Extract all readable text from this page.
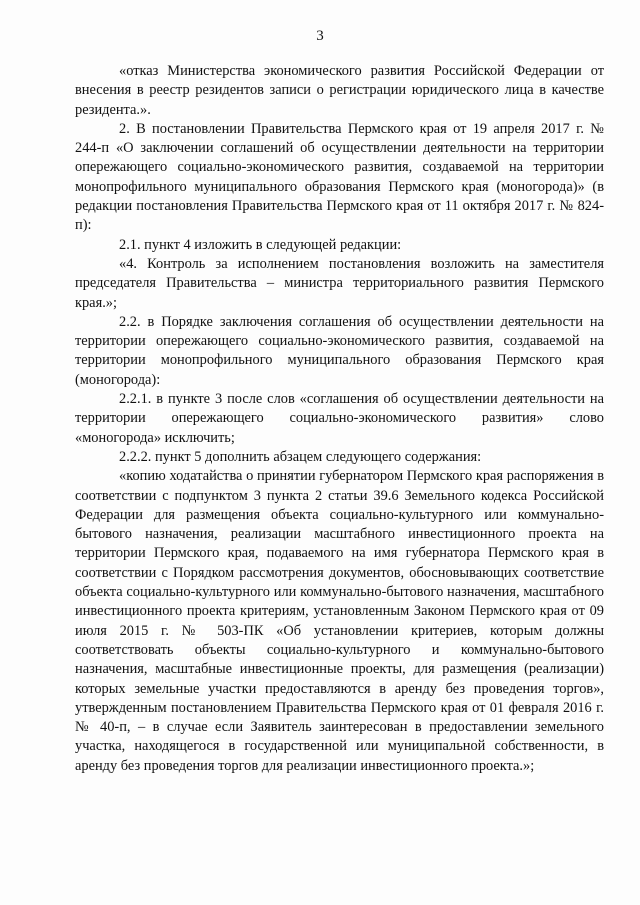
3

«отказ Министерства экономического развития Российской Федерации от внесения в реестр резидентов записи о регистрации юридического лица в качестве резидента.».

2. В постановлении Правительства Пермского края от 19 апреля 2017 г. № 244-п «О заключении соглашений об осуществлении деятельности на территории опережающего социально-экономического развития, создаваемой на территории монопрофильного муниципального образования Пермского края (моногорода)» (в редакции постановления Правительства Пермского края от 11 октября 2017 г. № 824-п):

2.1. пункт 4 изложить в следующей редакции:

«4. Контроль за исполнением постановления возложить на заместителя председателя Правительства – министра территориального развития Пермского края.»;

2.2. в Порядке заключения соглашения об осуществлении деятельности на территории опережающего социально-экономического развития, создаваемой на территории монопрофильного муниципального образования Пермского края (моногорода):

2.2.1. в пункте 3 после слов «соглашения об осуществлении деятельности на территории опережающего социально-экономического развития» слово «моногорода» исключить;

2.2.2. пункт 5 дополнить абзацем следующего содержания:

«копию ходатайства о принятии губернатором Пермского края распоряжения в соответствии с подпунктом 3 пункта 2 статьи 39.6 Земельного кодекса Российской Федерации для размещения объекта социально-культурного или коммунально-бытового назначения, реализации масштабного инвестиционного проекта на территории Пермского края, подаваемого на имя губернатора Пермского края в соответствии с Порядком рассмотрения документов, обосновывающих соответствие объекта социально-культурного или коммунально-бытового назначения, масштабного инвестиционного проекта критериям, установленным Законом Пермского края от 09 июля 2015 г. № 503-ПК «Об установлении критериев, которым должны соответствовать объекты социально-культурного и коммунально-бытового назначения, масштабные инвестиционные проекты, для размещения (реализации) которых земельные участки предоставляются в аренду без проведения торгов», утвержденным постановлением Правительства Пермского края от 01 февраля 2016 г. № 40-п, – в случае если Заявитель заинтересован в предоставлении земельного участка, находящегося в государственной или муниципальной собственности, в аренду без проведения торгов для реализации инвестиционного проекта.»;
